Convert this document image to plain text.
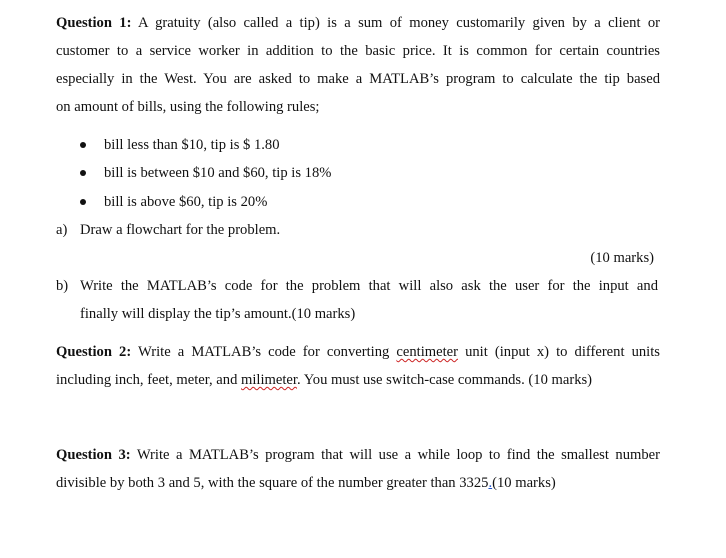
Question 1: A gratuity (also called a tip) is a sum of money customarily given by a client or
customer to a service worker in addition to the basic price. It is common for certain countries
especially in the West. You are asked to make a MATLAB’s program to calculate the tip based
on amount of bills, using the following rules;
bill less than $10, tip is $ 1.80
bill is between $10 and $60, tip is 18%
bill is above $60, tip is 20%
a) Draw a flowchart for the problem.
(10 marks)
b) Write the MATLAB’s code for the problem that will also ask the user for the input and
finally will display the tip’s amount.(10 marks)
Question 2: Write a MATLAB’s code for converting centimeter unit (input x) to different units
including inch, feet, meter, and milimeter. You must use switch-case commands. (10 marks)
Question 3: Write a MATLAB’s program that will use a while loop to find the smallest number
divisible by both 3 and 5, with the square of the number greater than 3325.(10 marks)
